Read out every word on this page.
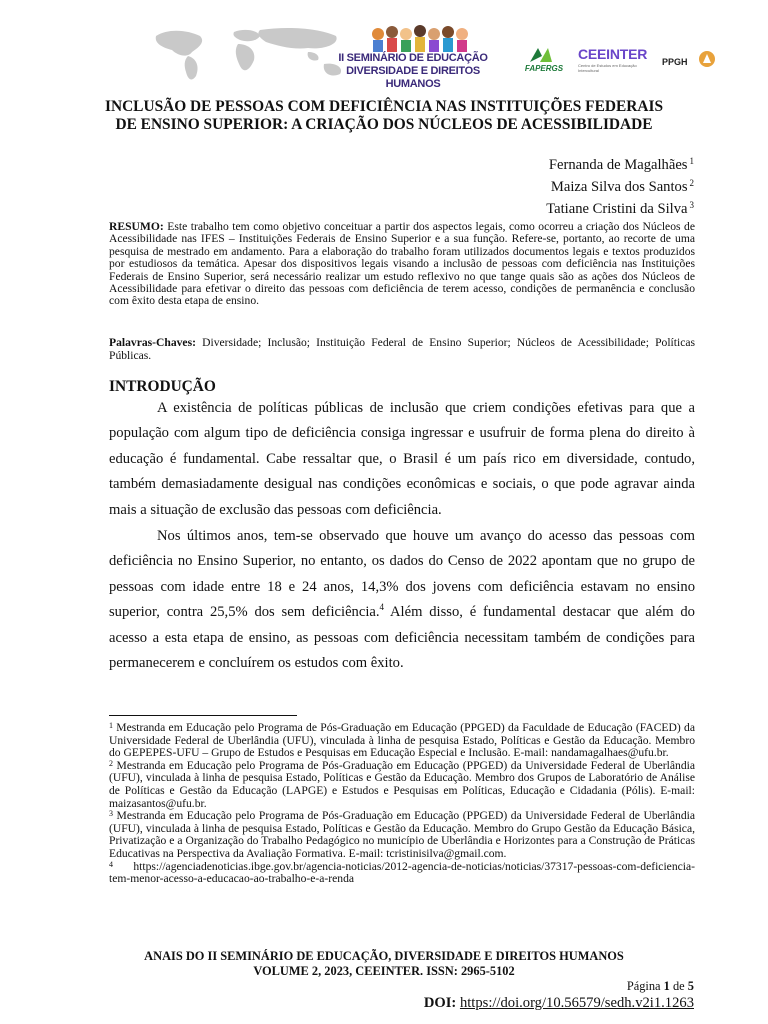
II SEMINÁRIO DE EDUCAÇÃO
DIVERSIDADE E DIREITOS HUMANOS
FAPERGS
CEEINTER
Centro de Estudos em Educação Intercultural
PPGH
INCLUSÃO DE PESSOAS COM DEFICIÊNCIA NAS INSTITUIÇÕES FEDERAIS
DE ENSINO SUPERIOR: A CRIAÇÃO DOS NÚCLEOS DE ACESSIBILIDADE
Fernanda de Magalhães $^1$
Maiza Silva dos Santos $^2$
Tatiane Cristini da Silva $^3$
RESUMO: Este trabalho tem como objetivo conceituar a partir dos aspectos legais, como ocorreu a criação dos Núcleos de Acessibilidade nas IFES – Instituições Federais de Ensino Superior e a sua função. Refere-se, portanto, ao recorte de uma pesquisa de mestrado em andamento. Para a elaboração do trabalho foram utilizados documentos legais e textos produzidos por estudiosos da temática. Apesar dos dispositivos legais visando a inclusão de pessoas com deficiência nas Instituições Federais de Ensino Superior, será necessário realizar um estudo reflexivo no que tange quais são as ações dos Núcleos de Acessibilidade para efetivar o direito das pessoas com deficiência de terem acesso, condições de permanência e conclusão com êxito desta etapa de ensino.
Palavras-Chaves: Diversidade; Inclusão; Instituição Federal de Ensino Superior; Núcleos de Acessibilidade; Políticas Públicas.
INTRODUÇÃO

A existência de políticas públicas de inclusão que criem condições efetivas para que a população com algum tipo de deficiência consiga ingressar e usufruir de forma plena do direito à educação é fundamental. Cabe ressaltar que, o Brasil é um país rico em diversidade, contudo, também demasiadamente desigual nas condições econômicas e sociais, o que pode agravar ainda mais a situação de exclusão das pessoas com deficiência.

Nos últimos anos, tem-se observado que houve um avanço do acesso das pessoas com deficiência no Ensino Superior, no entanto, os dados do Censo de 2022 apontam que no grupo de pessoas com idade entre 18 e 24 anos, 14,3% dos jovens com deficiência estavam no ensino superior, contra 25,5% dos sem deficiência.$^4$ Além disso, é fundamental destacar que além do acesso a esta etapa de ensino, as pessoas com deficiência necessitam também de condições para permanecerem e concluírem os estudos com êxito.

$^1$ Mestranda em Educação pelo Programa de Pós-Graduação em Educação (PPGED) da Faculdade de Educação (FACED) da Universidade Federal de Uberlândia (UFU), vinculada à linha de pesquisa Estado, Políticas e Gestão da Educação. Membro do GEPEPES-UFU – Grupo de Estudos e Pesquisas em Educação Especial e Inclusão. E-mail: nandamagalhaes@ufu.br.

$^2$ Mestranda em Educação pelo Programa de Pós-Graduação em Educação (PPGED) da Universidade Federal de Uberlândia (UFU), vinculada à linha de pesquisa Estado, Políticas e Gestão da Educação. Membro dos Grupos de Laboratório de Análise de Políticas e Gestão da Educação (LAPGE) e Estudos e Pesquisas em Políticas, Educação e Cidadania (Pólis). E-mail: maizasantos@ufu.br.

$^3$ Mestranda em Educação pelo Programa de Pós-Graduação em Educação (PPGED) da Universidade Federal de Uberlândia (UFU), vinculada à linha de pesquisa Estado, Políticas e Gestão da Educação. Membro do Grupo Gestão da Educação Básica, Privatização e a Organização do Trabalho Pedagógico no município de Uberlândia e Horizontes para a Construção de Práticas Educativas na Perspectiva da Avaliação Formativa. E-mail: tcristinisilva@gmail.com.

$^4$ https://agenciadenoticias.ibge.gov.br/agencia-noticias/2012-agencia-de-noticias/noticias/37317-pessoas-com-deficiencia-tem-menor-acesso-a-educacao-ao-trabalho-e-a-renda

ANAIS DO II SEMINÁRIO DE EDUCAÇÃO, DIVERSIDADE E DIREITOS HUMANOS
VOLUME 2, 2023, CEEINTER. ISSN: 2965-5102
Página 1 de 5
DOI: https://doi.org/10.56579/sedh.v2i1.1263
